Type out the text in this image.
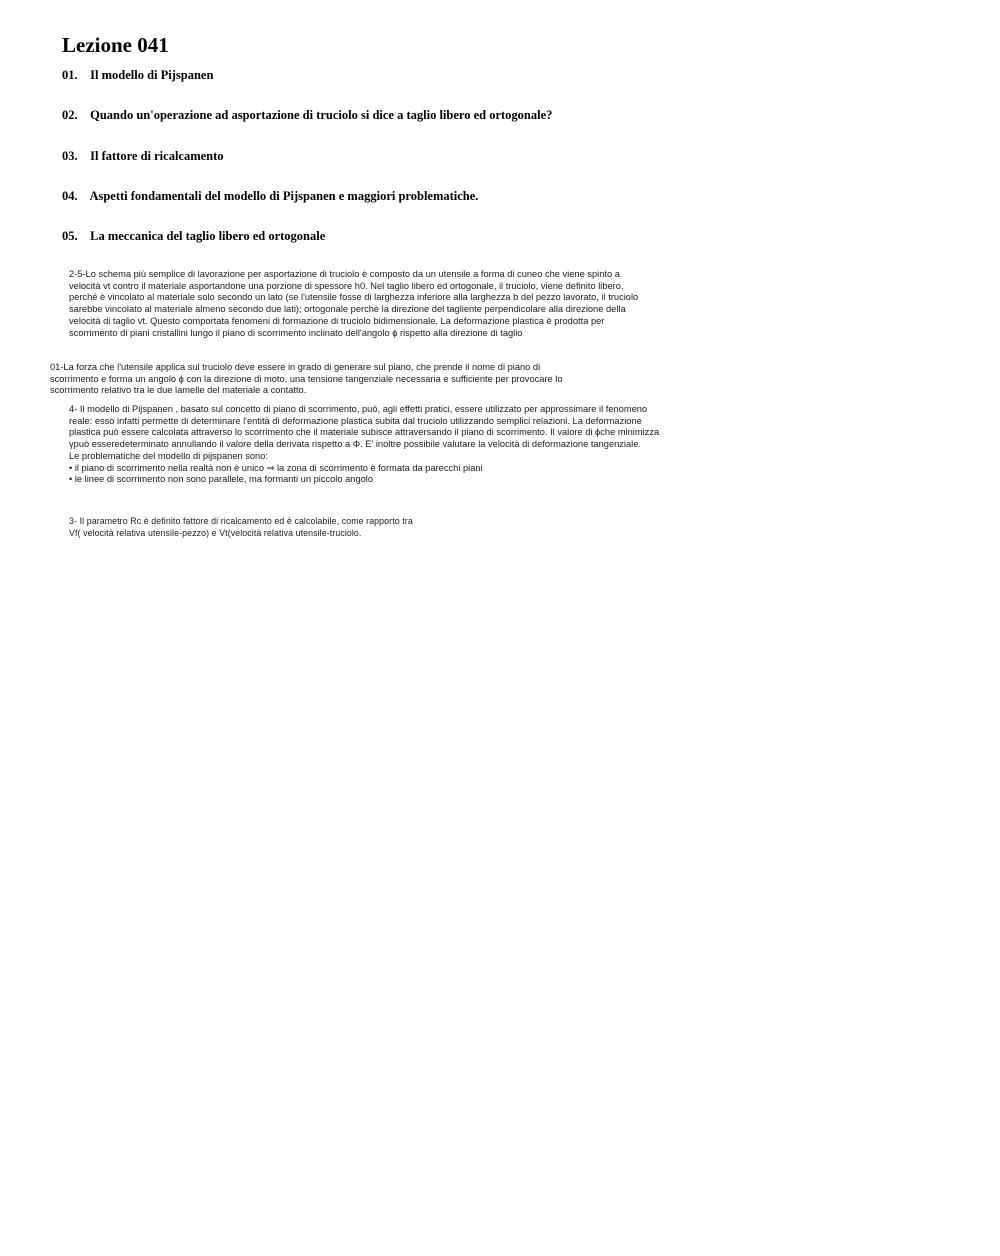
Lezione 041
01. Il modello di Pijspanen
02. Quando un'operazione ad asportazione di truciolo si dice a taglio libero ed ortogonale?
03. Il fattore di ricalcamento
04. Aspetti fondamentali del modello di Pijspanen e maggiori problematiche.
05. La meccanica del taglio libero ed ortogonale
2-5-Lo schema più semplice di lavorazione per asportazione di truciolo è composto da un utensile a forma di cuneo che viene spinto a
velocità vt contro il materiale asportandone una porzione di spessore h0. Nel taglio libero ed ortogonale, il truciolo, viene definito libero,
perché è vincolato al materiale solo secondo un lato (se l'utensile fosse di larghezza inferiore alla larghezza b del pezzo lavorato, il truciolo
sarebbe vincolato al materiale almeno secondo due lati); ortogonale perchè la direzione del tagliente perpendicolare alla direzione della
velocità di taglio vt. Questo comportata fenomeni di formazione di truciolo bidimensionale. La deformazione plastica è prodotta per
scorrimento di piani cristallini lungo il piano di scorrimento inclinato dell'angolo ϕ rispetto alla direzione di taglio
01-La forza che l'utensile applica sul truciolo deve essere in grado di generare sul piano, che prende il nome di piano di
scorrimento e forma un angolo ϕ con la direzione di moto, una tensione tangenziale necessaria e sufficiente per provocare lo
scorrimento relativo tra le due lamelle del materiale a contatto.
4- Il modello di Pijspanen , basato sul concetto di piano di scorrimento, può, agli effetti pratici, essere utilizzato per approssimare il fenomeno
reale: esso infatti permette di determinare l'entità di deformazione plastica subita dal truciolo utilizzando semplici relazioni. La deformazione
plastica può essere calcolata attraverso lo scorrimento che il materiale subisce attraversando il piano di scorrimento. Il valore di ϕche minimizza
γpuò esseredeterminato annullando il valore della derivata rispetto a Φ. E' inoltre possibile valutare la velocità di deformazione tangenziale.
Le problematiche del modello di pijspanen sono:
• il piano di scorrimento nella realtà non è unico ⇒ la zona di scorrimento è formata da parecchi piani
• le linee di scorrimento non sono parallele, ma formanti un piccolo angolo
3- Il parametro Rc è definito fattore di ricalcamento ed è calcolabile, come rapporto tra
Vf( velocità relativa utensile-pezzo) e Vt(velocità relativa utensile-truciolo.
